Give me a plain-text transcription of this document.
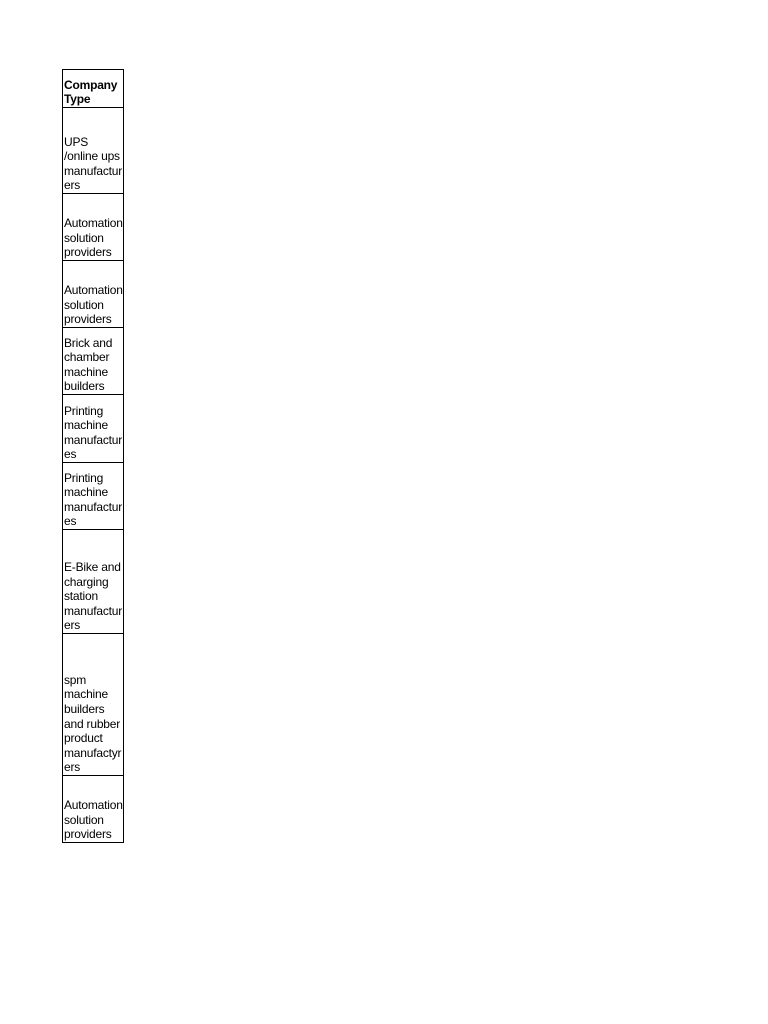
Company Type
UPS /online ups manufacturers
Automation solution providers
Automation solution providers
Brick and chamber machine builders
Printing machine manufactures
Printing machine manufactures
E-Bike and charging station manufacturers
spm machine builders and rubber product manufactyrers
Automation solution providers
